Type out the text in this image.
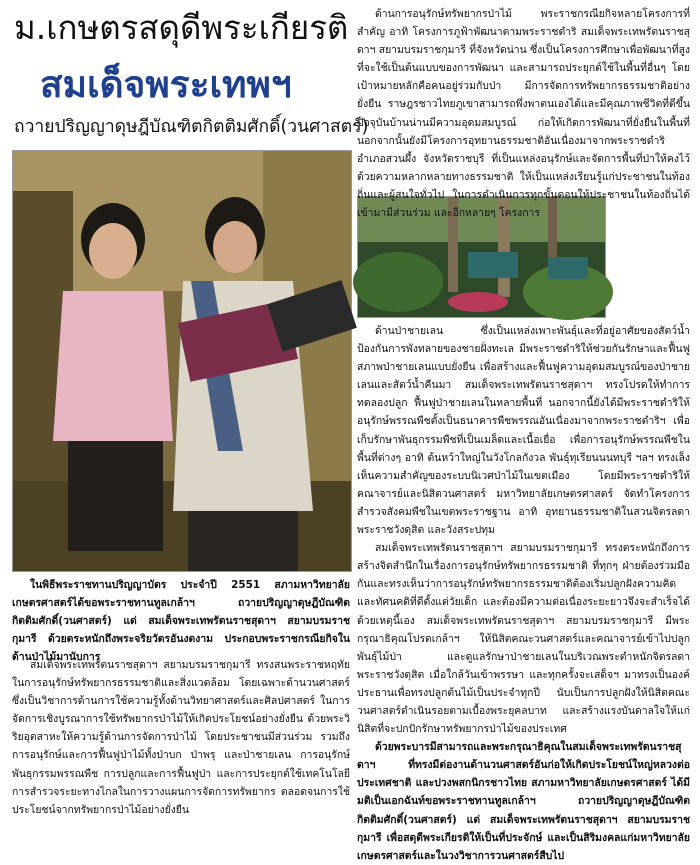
ม.เกษตรสดุดีพระเกียรติ
สมเด็จพระเทพฯ
ถวายปริญญาดุษฎีบัณฑิตกิตติมศักดิ์(วนศาสตร์)
ในพิธีพระราชทานปริญญาบัตร ประจำปี 2551 สภามหาวิทยาลัยเกษตรศาสตร์ได้ขอพระราชทานทูลเกล้าฯ ถวายปริญญาดุษฎีบัณฑิตกิตติมศักดิ์(วนศาสตร์) แด่ สมเด็จพระเทพรัตนราชสุดาฯ สยามบรมราชกุมารี ด้วยตระหนักถึงพระจริยวัตรอันงดงาม ประกอบพระราชกรณียกิจในด้านป่าไม้มานับการ

สมเด็จพระเทพรัตนราชสุดาฯ สยามบรมราชกุมารี ทรงสนพระราชหฤทัยในการอนุรักษ์ทรัพยากรธรรมชาติและสิ่งแวดล้อม โดยเฉพาะด้านวนศาสตร์ ซึ่งเป็นวิชาการด้านการใช้ความรู้ทั้งด้านวิทยาศาสตร์และศิลปศาสตร์ ในการจัดการเชิงบูรณาการใช้ทรัพยากรป่าไม้ให้เกิดประโยชน์อย่างยั่งยืน ด้วยพระวิริยอุตสาหะให้ความรู้ด้านการจัดการป่าไม้ โดยประชาชนมีส่วนร่วม รวมถึงการอนุรักษ์และการฟื้นฟูป่าไม้ทั้งป่าบก ป่าพรุ และป่าชายเลน การอนุรักษ์พันธุกรรมพรรณพืช การปลูกและการฟื้นฟูป่า และการประยุกต์ใช้เทคโนโลยีการสำรวจระยะทางไกลในการวางแผนการจัดการทรัพยากร ตลอดจนการใช้ประโยชน์จากทรัพยากรป่าไม้อย่างยั่งยืน

ด้านการอนุรักษ์ทรัพยากรป่าไม้ พระราชกรณียกิจหลายโครงการที่สำคัญ อาทิ โครงการภูฟ้าพัฒนาตามพระราชดำริ สมเด็จพระเทพรัตนราชสุดาฯ สยามบรมราชกุมารี ที่จังหวัดน่าน ซึ่งเป็นโครงการศึกษาเพื่อพัฒนาที่สูงที่จะใช้เป็นต้นแบบของการพัฒนา และสามารถประยุกต์ใช้ในพื้นที่อื่นๆ โดยเป้าหมายหลักคือคนอยู่ร่วมกับป่า มีการจัดการทรัพยากรธรรมชาติอย่างยั่งยืน ราษฎรชาวไทยภูเขาสามารถพึ่งพาตนเองได้และมีคุณภาพชีวิตที่ดีขึ้น ปัจจุบันบ้านน่านมีความอุดมสมบูรณ์ ก่อให้เกิดการพัฒนาที่ยั่งยืนในพื้นที่ นอกจากนั้นยังมีโครงการอุทยานธรรมชาติอันเนื่องมาจากพระราชดำริ อำเภอสวนผึ้ง จังหวัดราชบุรี ที่เป็นแหล่งอนุรักษ์และจัดการพื้นที่ป่าให้คงไว้ด้วยความหลากหลายทางธรรมชาติ ให้เป็นแหล่งเรียนรู้แก่ประชาชนในท้องถิ่นและผู้สนใจทั่วไป ในการดำเนินการทุกขั้นตอนให้ประชาชนในท้องถิ่นได้เข้ามามีส่วนร่วม และอีกหลายๆ โครงการ

ด้านป่าชายเลน ซึ่งเป็นแหล่งเพาะพันธุ์และที่อยู่อาศัยของสัตว์น้ำ ป้องกันการพังทลายของชายฝั่งทะเล มีพระราชดำริให้ช่วยกันรักษาและฟื้นฟูสภาพป่าชายเลนแบบยั่งยืน เพื่อสร้างและฟื้นฟูความอุดมสมบูรณ์ของป่าชายเลนและสัตว์น้ำคืนมา สมเด็จพระเทพรัตนราชสุดาฯ ทรงโปรดให้ทำการทดลองปลูก ฟื้นฟูป่าชายเลนในหลายพื้นที่ นอกจากนี้ยังได้มีพระราชดำริให้อนุรักษ์พรรณพืชตั้งเป็นธนาคารพืชพรรณอันเนื่องมาจากพระราชดำริฯ เพื่อเก็บรักษาพันธุกรรมพืชที่เป็นเมล็ดและเนื้อเยื่อ เพื่อการอนุรักษ์พรรณพืชในพื้นที่ต่างๆ อาทิ ต้นหว้าใหญ่ในวังโกลกังวล พันธุ์ทุเรียนนนทบุรี ฯลฯ ทรงเล็งเห็นความสำคัญของระบบนิเวศป่าไม้ในเขตเมือง โดยมีพระราชดำริให้คณาจารย์และนิสิตวนศาสตร์ มหาวิทยาลัยเกษตรศาสตร์ จัดทำโครงการสำรวจสังคมพืชในเขตพระราชฐาน อาทิ อุทยานธรรมชาติในสวนจิตรลดา พระราชวังดุสิต และวังสระปทุม

สมเด็จพระเทพรัตนราชสุดาฯ สยามบรมราชกุมารี ทรงตระหนักถึงการสร้างจิตสำนึกในเรื่องการอนุรักษ์ทรัพยากรธรรมชาติ ที่ทุกๆ ฝ่ายต้องร่วมมือกันและทรงเห็นว่าการอนุรักษ์ทรัพยากรธรรมชาติต้องเริ่มปลูกฝังความคิดและทัศนคติที่ดีตั้งแต่วัยเด็ก และต้องมีความต่อเนื่องระยะยาวจึงจะสำเร็จได้ ด้วยเหตุนี้เอง สมเด็จพระเทพรัตนราชสุดาฯ สยามบรมราชกุมารี มีพระกรุณาธิคุณโปรดเกล้าฯ ให้นิสิตคณะวนศาสตร์และคณาจารย์เข้าไปปลูกพันธุ์ไม้ป่า และดูแลรักษาป่าชายเลนในบริเวณพระตำหนักจิตรลดา พระราชวังดุสิต เมื่อใกล้วันเข้าพรรษา และทุกครั้งจะเสด็จฯ มาทรงเป็นองค์ประธานเพื่อทรงปลูกต้นไม้เป็นประจำทุกปี นับเป็นการปลูกฝังให้นิสิตคณะวนศาสตร์ดำเนินรอยตามเบื้องพระยุคลบาท และสร้างแรงบันดาลใจให้แก่นิสิตที่จะปกปักรักษาทรัพยากรป่าไม้ของประเทศ

ด้วยพระบารมีสามารถและพระกรุณาธิคุณในสมเด็จพระเทพรัตนราชสุดาฯ ที่ทรงมีต่องานด้านวนศาสตร์อันก่อให้เกิดประโยชน์ใหญ่หลวงต่อประเทศชาติ และปวงพสกนิกรชาวไทย สภามหาวิทยาลัยเกษตรศาสตร์ ได้มีมติเป็นเอกฉันท์ขอพระราชทานทูลเกล้าฯ ถวายปริญญาดุษฎีบัณฑิตกิตติมศักดิ์(วนศาสตร์) แด่ สมเด็จพระเทพรัตนราชสุดาฯ สยามบรมราชกุมารี เพื่อสดุดีพระเกียรติให้เป็นที่ประจักษ์ และเป็นสิริมงคลแก่มหาวิทยาลัยเกษตรศาสตร์และในวงวิชาการวนศาสตร์สืบไป
